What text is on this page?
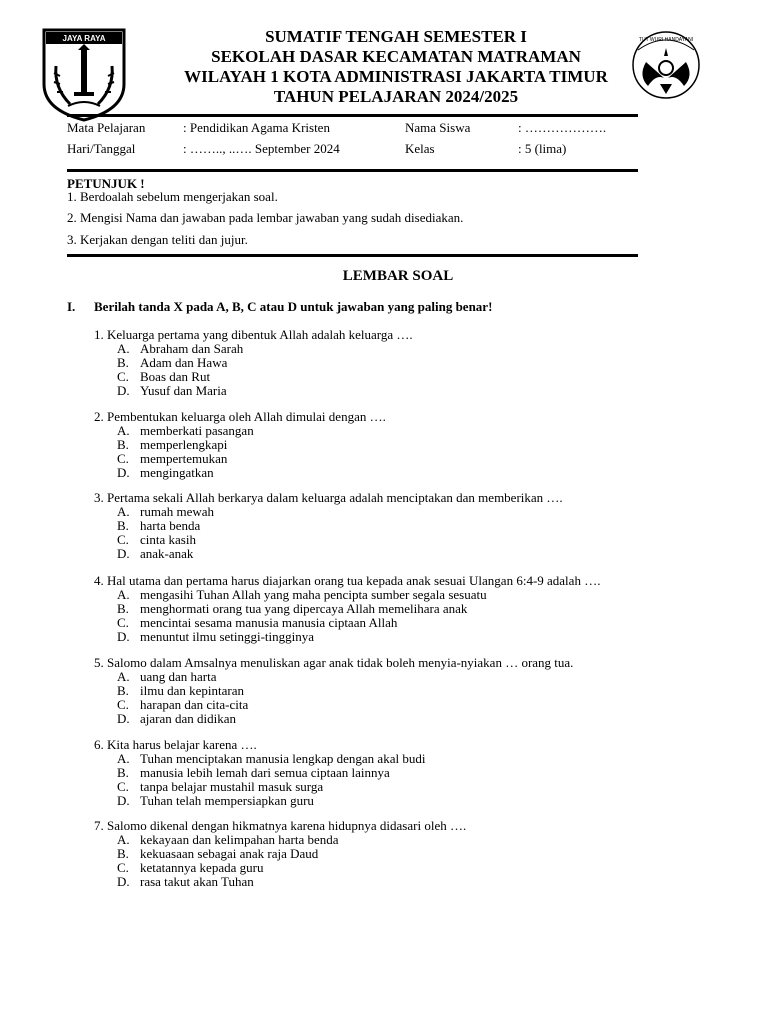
JAYA RAYA	TUT WURI HANDAYANI
SUMATIF TENGAH SEMESTER I
SEKOLAH DASAR KECAMATAN MATRAMAN
WILAYAH 1 KOTA ADMINISTRASI JAKARTA TIMUR
TAHUN PELAJARAN 2024/2025
Mata Pelajaran	: Pendidikan Agama Kristen	Nama Siswa	: ……………….
Hari/Tanggal	: …….., ..…. September 2024	Kelas	: 5 (lima)
PETUNJUK !
1. Berdoalah sebelum mengerjakan soal.
2. Mengisi Nama dan jawaban pada lembar jawaban yang sudah disediakan.
3. Kerjakan dengan teliti dan jujur.
LEMBAR SOAL
I. Berilah tanda X pada A, B, C atau D untuk jawaban yang paling benar!
1. Keluarga pertama yang dibentuk Allah adalah keluarga ….
A. Abraham dan Sarah
B. Adam dan Hawa
C. Boas dan Rut
D. Yusuf dan Maria
2. Pembentukan keluarga oleh Allah dimulai dengan ….
A. memberkati pasangan
B. memperlengkapi
C. mempertemukan
D. mengingatkan
3. Pertama sekali Allah berkarya dalam keluarga adalah menciptakan dan memberikan ….
A. rumah mewah
B. harta benda
C. cinta kasih
D. anak-anak
4. Hal utama dan pertama harus diajarkan orang tua kepada anak sesuai Ulangan 6:4-9 adalah ….
A. mengasihi Tuhan Allah yang maha pencipta sumber segala sesuatu
B. menghormati orang tua yang dipercaya Allah memelihara anak
C. mencintai sesama manusia manusia ciptaan Allah
D. menuntut ilmu setinggi-tingginya
5. Salomo dalam Amsalnya menuliskan agar anak tidak boleh menyia-nyiakan … orang tua.
A. uang dan harta
B. ilmu dan kepintaran
C. harapan dan cita-cita
D. ajaran dan didikan
6. Kita harus belajar karena ….
A. Tuhan menciptakan manusia lengkap dengan akal budi
B. manusia lebih lemah dari semua ciptaan lainnya
C. tanpa belajar mustahil masuk surga
D. Tuhan telah mempersiapkan guru
7. Salomo dikenal dengan hikmatnya karena hidupnya didasari oleh ….
A. kekayaan dan kelimpahan harta benda
B. kekuasaan sebagai anak raja Daud
C. ketatannya kepada guru
D. rasa takut akan Tuhan
